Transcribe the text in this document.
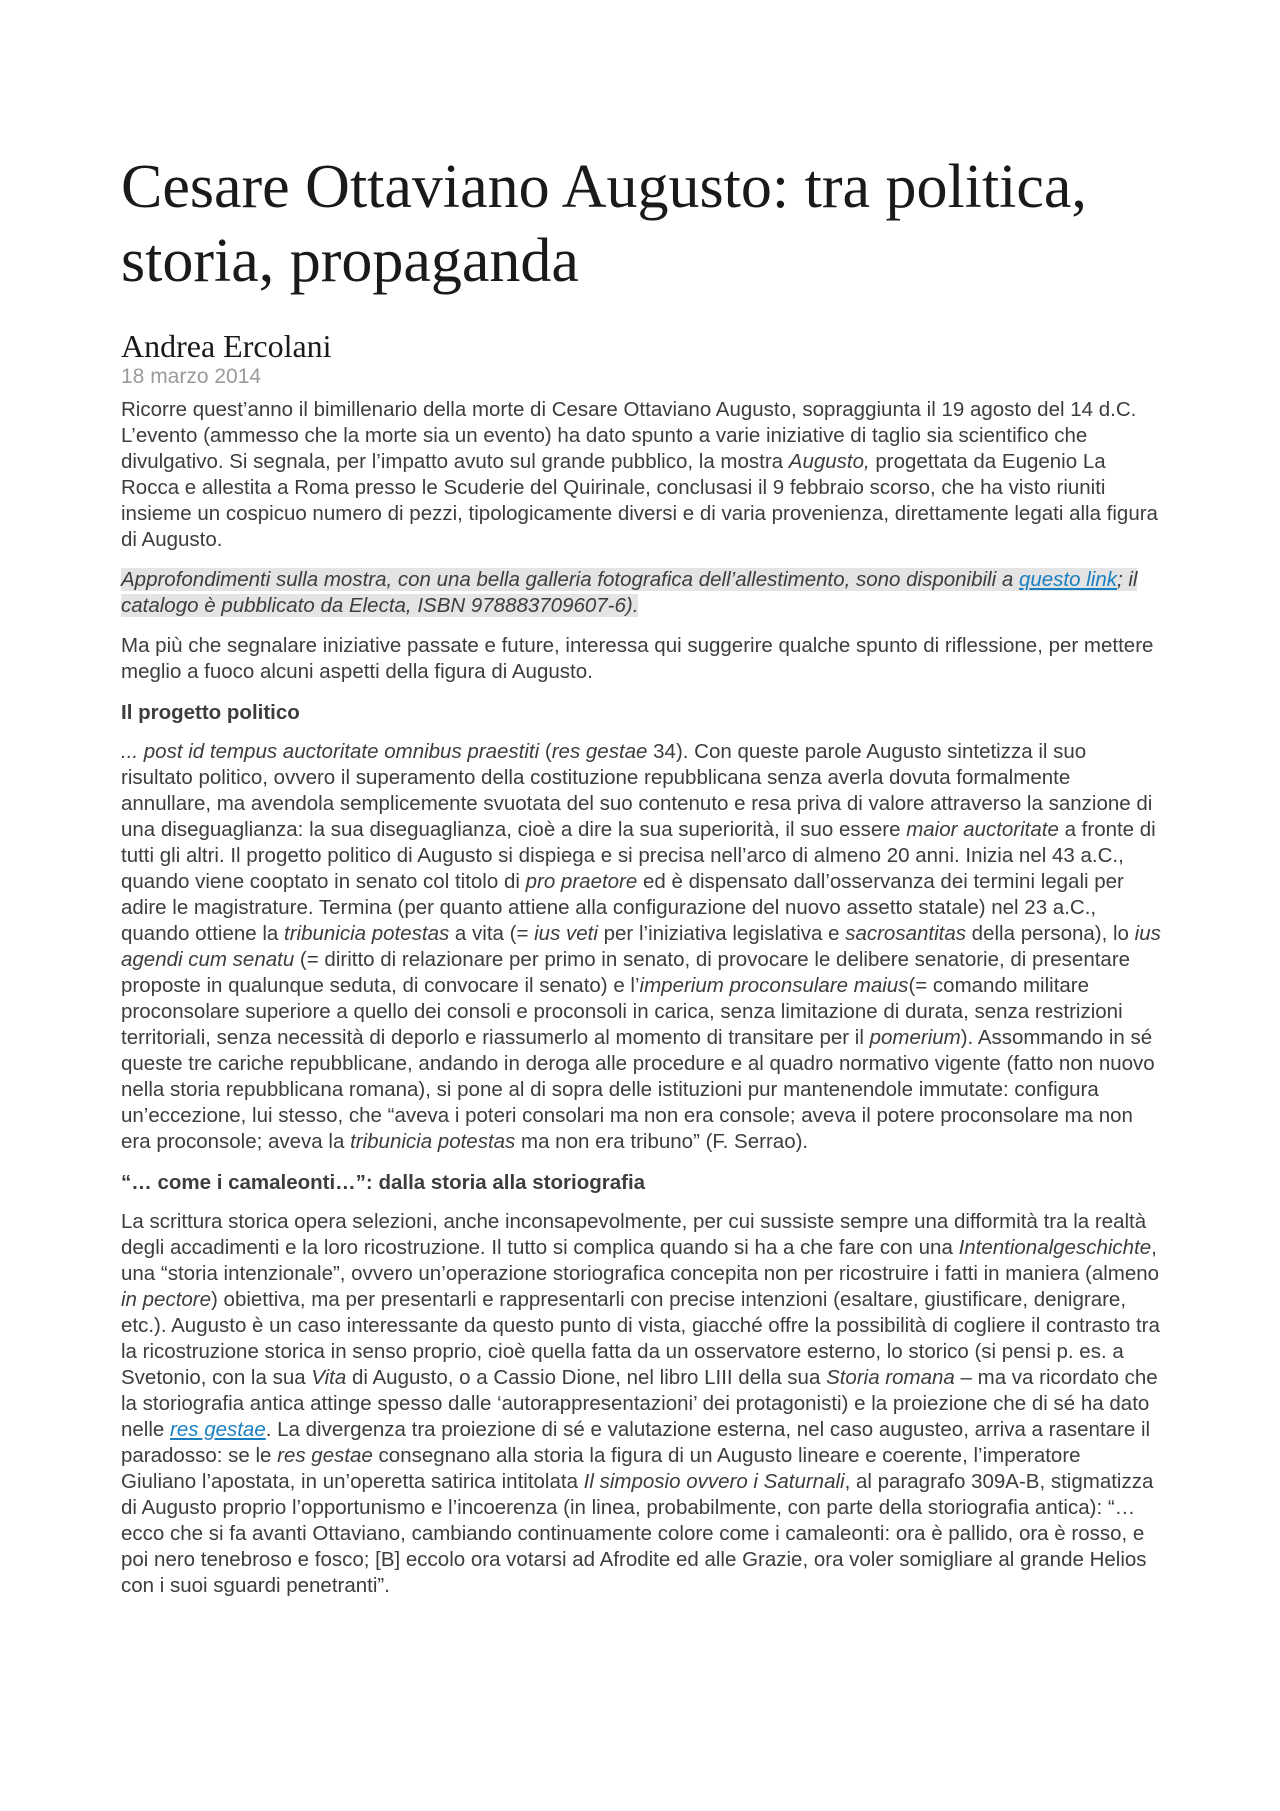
Cesare Ottaviano Augusto: tra politica, storia, propaganda
Andrea Ercolani
18 marzo 2014

Ricorre quest’anno il bimillenario della morte di Cesare Ottaviano Augusto, sopraggiunta il 19 agosto del 14 d.C. L’evento (ammesso che la morte sia un evento) ha dato spunto a varie iniziative di taglio sia scientifico che divulgativo. Si segnala, per l’impatto avuto sul grande pubblico, la mostra Augusto, progettata da Eugenio La Rocca e allestita a Roma presso le Scuderie del Quirinale, conclusasi il 9 febbraio scorso, che ha visto riuniti insieme un cospicuo numero di pezzi, tipologicamente diversi e di varia provenienza, direttamente legati alla figura di Augusto.

Approfondimenti sulla mostra, con una bella galleria fotografica dell’allestimento, sono disponibili a questo link; il catalogo è pubblicato da Electa, ISBN 978883709607-6).

Ma più che segnalare iniziative passate e future, interessa qui suggerire qualche spunto di riflessione, per mettere meglio a fuoco alcuni aspetti della figura di Augusto.

Il progetto politico

... post id tempus auctoritate omnibus praestiti (res gestae 34). Con queste parole Augusto sintetizza il suo risultato politico, ovvero il superamento della costituzione repubblicana senza averla dovuta formalmente annullare, ma avendola semplicemente svuotata del suo contenuto e resa priva di valore attraverso la sanzione di una diseguaglianza: la sua diseguaglianza, cioè a dire la sua superiorità, il suo essere maior auctoritate a fronte di tutti gli altri. Il progetto politico di Augusto si dispiega e si precisa nell’arco di almeno 20 anni. Inizia nel 43 a.C., quando viene cooptato in senato col titolo di pro praetore ed è dispensato dall’osservanza dei termini legali per adire le magistrature. Termina (per quanto attiene alla configurazione del nuovo assetto statale) nel 23 a.C., quando ottiene la tribunicia potestas a vita (= ius veti per l’iniziativa legislativa e sacrosantitas della persona), lo ius agendi cum senatu (= diritto di relazionare per primo in senato, di provocare le delibere senatorie, di presentare proposte in qualunque seduta, di convocare il senato) e l’imperium proconsulare maius(= comando militare proconsolare superiore a quello dei consoli e proconsoli in carica, senza limitazione di durata, senza restrizioni territoriali, senza necessità di deporlo e riassumerlo al momento di transitare per il pomerium). Assommando in sé queste tre cariche repubblicane, andando in deroga alle procedure e al quadro normativo vigente (fatto non nuovo nella storia repubblicana romana), si pone al di sopra delle istituzioni pur mantenendole immutate: configura un’eccezione, lui stesso, che “aveva i poteri consolari ma non era console; aveva il potere proconsolare ma non era proconsole; aveva la tribunicia potestas ma non era tribuno” (F. Serrao).

“… come i camaleonti…”: dalla storia alla storiografia

La scrittura storica opera selezioni, anche inconsapevolmente, per cui sussiste sempre una difformità tra la realtà degli accadimenti e la loro ricostruzione. Il tutto si complica quando si ha a che fare con una Intentionalgeschichte, una “storia intenzionale”, ovvero un’operazione storiografica concepita non per ricostruire i fatti in maniera (almeno in pectore) obiettiva, ma per presentarli e rappresentarli con precise intenzioni (esaltare, giustificare, denigrare, etc.). Augusto è un caso interessante da questo punto di vista, giacché offre la possibilità di cogliere il contrasto tra la ricostruzione storica in senso proprio, cioè quella fatta da un osservatore esterno, lo storico (si pensi p. es. a Svetonio, con la sua Vita di Augusto, o a Cassio Dione, nel libro LIII della sua Storia romana – ma va ricordato che la storiografia antica attinge spesso dalle ‘autorappresentazioni’ dei protagonisti) e la proiezione che di sé ha dato nelle res gestae. La divergenza tra proiezione di sé e valutazione esterna, nel caso augusteo, arriva a rasentare il paradosso: se le res gestae consegnano alla storia la figura di un Augusto lineare e coerente, l’imperatore Giuliano l’apostata, in un’operetta satirica intitolata Il simposio ovvero i Saturnali, al paragrafo 309A-B, stigmatizza di Augusto proprio l’opportunismo e l’incoerenza (in linea, probabilmente, con parte della storiografia antica): “… ecco che si fa avanti Ottaviano, cambiando continuamente colore come i camaleonti: ora è pallido, ora è rosso, e poi nero tenebroso e fosco; [B] eccolo ora votarsi ad Afrodite ed alle Grazie, ora voler somigliare al grande Helios con i suoi sguardi penetranti”.
